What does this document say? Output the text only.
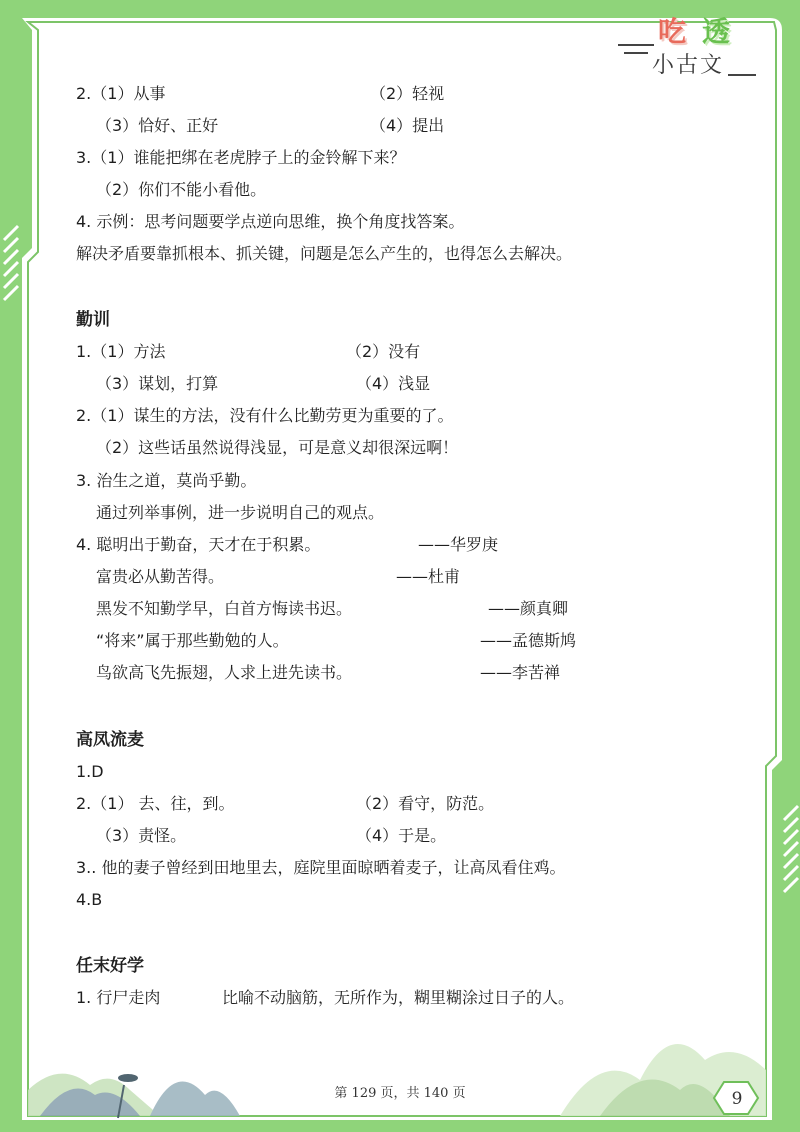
吃 透
小古文
2.（1）从事	（2）轻视
（3）恰好、正好	（4）提出
3.（1）谁能把绑在老虎脖子上的金铃解下来？
（2）你们不能小看他。
4. 示例：思考问题要学点逆向思维，换个角度找答案。
解决矛盾要靠抓根本、抓关键，问题是怎么产生的，也得怎么去解决。
1.（1）方法	（2）没有
（3）谋划，打算	（4）浅显
2.（1）谋生的方法，没有什么比勤劳更为重要的了。
（2）这些话虽然说得浅显，可是意义却很深远啊！
3. 治生之道，莫尚乎勤。
通过列举事例，进一步说明自己的观点。
4. 聪明出于勤奋，天才在于积累。	——华罗庚
富贵必从勤苦得。	——杜甫
黑发不知勤学早，白首方悔读书迟。	——颜真卿
“将来”属于那些勤勉的人。	——孟德斯鸠
鸟欲高飞先振翅，人求上进先读书。	——李苦禅
1.D
2.（1） 去、往，到。	（2）看守，防范。
（3）责怪。	（4）于是。
3.. 他的妻子曾经到田地里去，庭院里面晾晒着麦子，让高凤看住鸡。
4.B
1. 行尸走肉	比喻不动脑筋，无所作为，糊里糊涂过日子的人。
勤训
高凤流麦
任末好学
第 129 页，共 140 页	9
